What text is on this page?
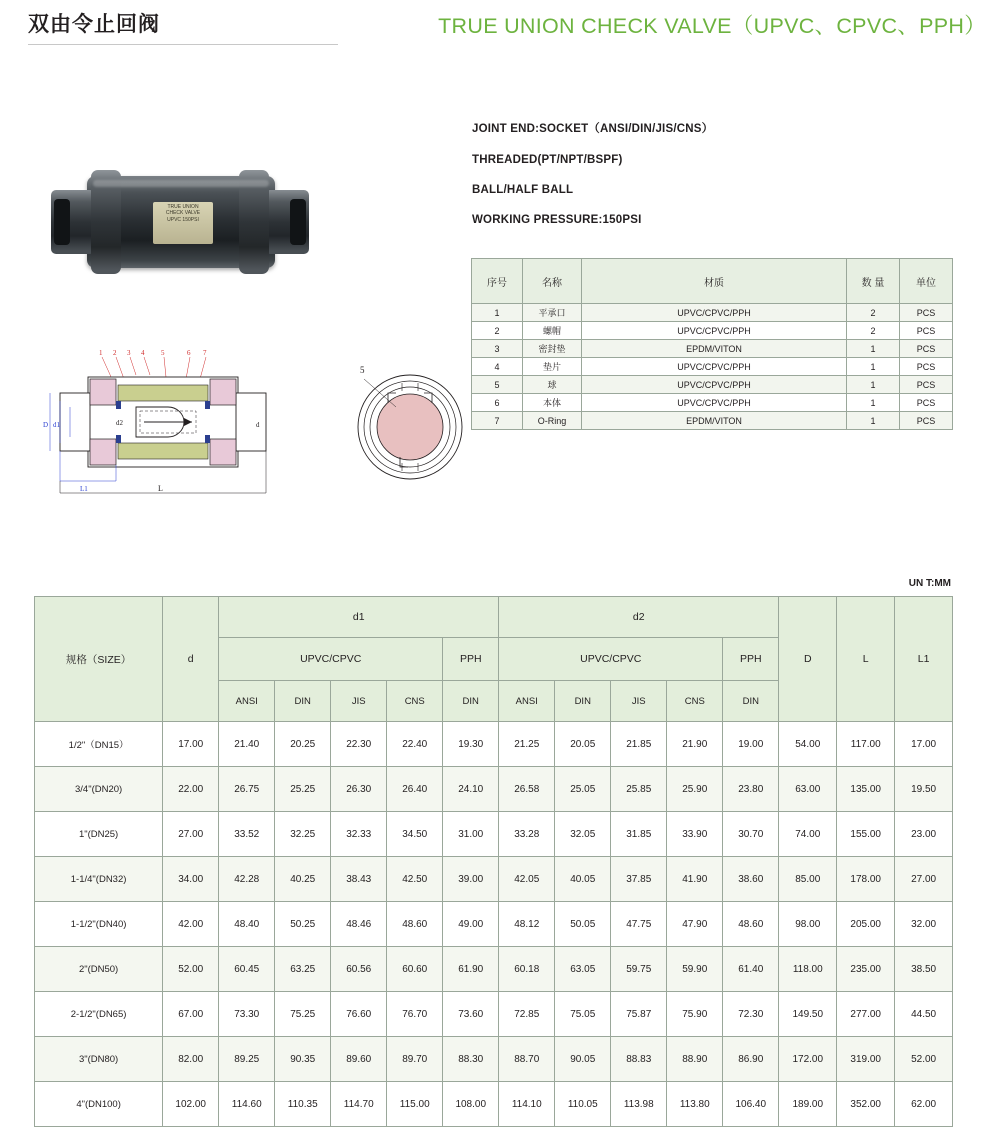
双由令止回阀	TRUE UNION CHECK VALVE（UPVC、CPVC、PPH）
TRUE UNION
CHECK VALVE
UPVC 150PSI
1 2 3 4 5	6 7
D d1	d2	d
L1	L
5
JOINT END:SOCKET（ANSI/DIN/JIS/CNS）
THREADED(PT/NPT/BSPF)
BALL/HALF BALL
WORKING PRESSURE:150PSI
序号	名称	材质	数 量	单位
1	平承口	UPVC/CPVC/PPH	2	PCS
2	螺帽	UPVC/CPVC/PPH	2	PCS
3	密封垫	EPDM/VITON	1	PCS
4	垫片	UPVC/CPVC/PPH	1	PCS
5	球	UPVC/CPVC/PPH	1	PCS
6	本体	UPVC/CPVC/PPH	1	PCS
7	O-Ring	EPDM/VITON	1	PCS
UN T:MM
规格（SIZE）	d	d1					d2					D	L	L1
		UPVC/CPVC				PPH	UPVC/CPVC				PPH			
		ANSI	DIN	JIS	CNS	DIN	ANSI	DIN	JIS	CNS	DIN			
1/2"（DN15）	17.00	21.40	20.25	22.30	22.40	19.30	21.25	20.05	21.85	21.90	19.00	54.00	117.00	17.00
3/4"(DN20)	22.00	26.75	25.25	26.30	26.40	24.10	26.58	25.05	25.85	25.90	23.80	63.00	135.00	19.50
1"(DN25)	27.00	33.52	32.25	32.33	34.50	31.00	33.28	32.05	31.85	33.90	30.70	74.00	155.00	23.00
1-1/4"(DN32)	34.00	42.28	40.25	38.43	42.50	39.00	42.05	40.05	37.85	41.90	38.60	85.00	178.00	27.00
1-1/2"(DN40)	42.00	48.40	50.25	48.46	48.60	49.00	48.12	50.05	47.75	47.90	48.60	98.00	205.00	32.00
2"(DN50)	52.00	60.45	63.25	60.56	60.60	61.90	60.18	63.05	59.75	59.90	61.40	118.00	235.00	38.50
2-1/2"(DN65)	67.00	73.30	75.25	76.60	76.70	73.60	72.85	75.05	75.87	75.90	72.30	149.50	277.00	44.50
3"(DN80)	82.00	89.25	90.35	89.60	89.70	88.30	88.70	90.05	88.83	88.90	86.90	172.00	319.00	52.00
4"(DN100)	102.00	114.60	110.35	114.70	115.00	108.00	114.10	110.05	113.98	113.80	106.40	189.00	352.00	62.00
